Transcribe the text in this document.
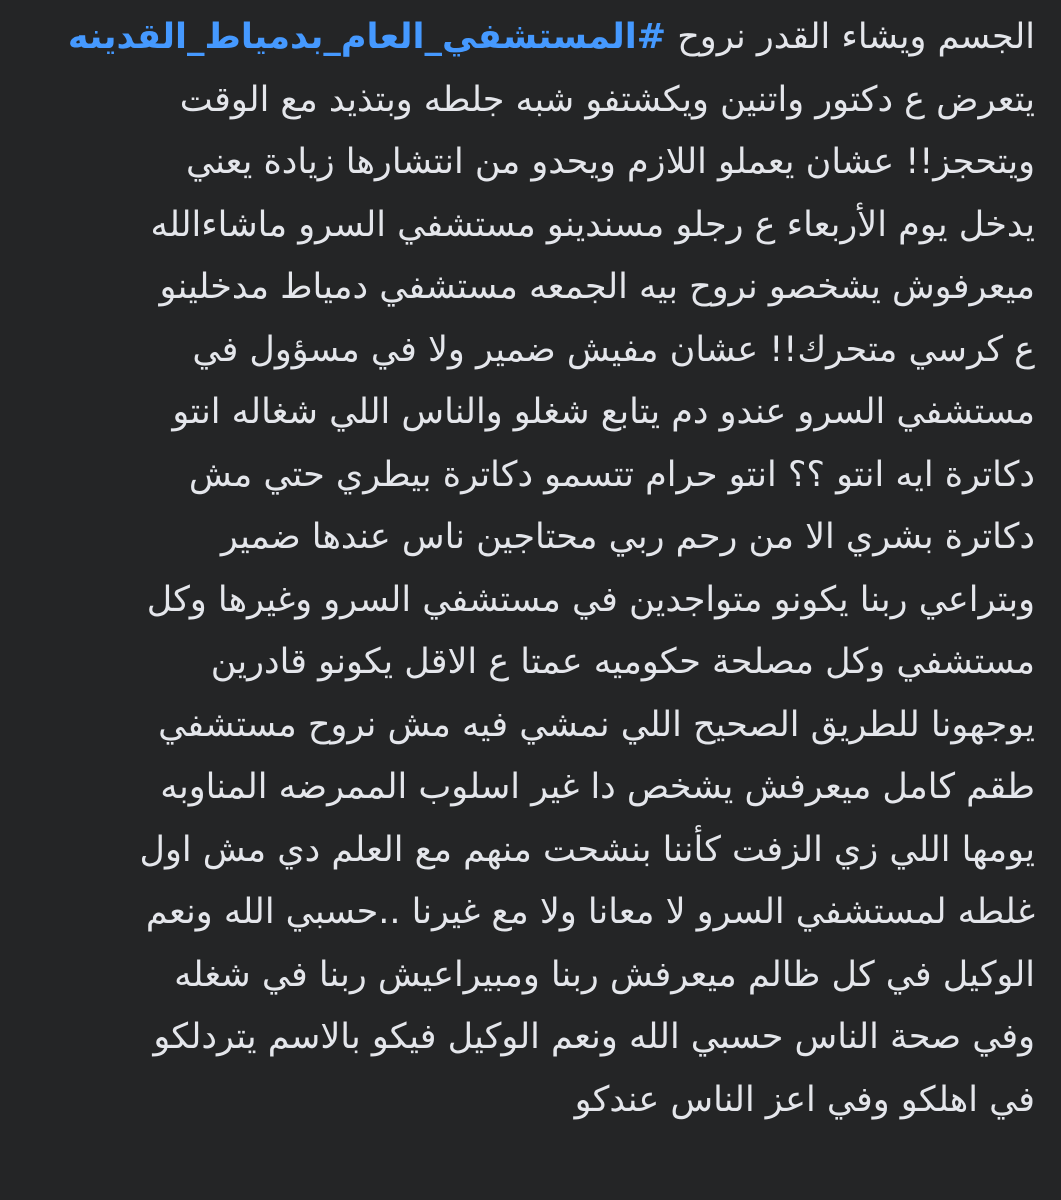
الجسم ويشاء القدر نروح #المستشفي_العام_بدمياط_القدينه
يتعرض ع دكتور واتنين ويكشتفو شبه جلطه وبتذيد مع الوقت
ويتحجز!! عشان يعملو اللازم ويحدو من انتشارها زيادة يعني
يدخل يوم الأربعاء ع رجلو مسندينو مستشفي السرو ماشاءالله
ميعرفوش يشخصو نروح بيه الجمعه مستشفي دمياط مدخلينو
ع كرسي متحرك!! عشان مفيش ضمير ولا في مسؤول في
مستشفي السرو عندو دم يتابع شغلو والناس اللي شغاله انتو
دكاترة ايه انتو ؟؟ انتو حرام تتسمو دكاترة بيطري حتي مش
دكاترة بشري الا من رحم ربي محتاجين ناس عندها ضمير
وبتراعي ربنا يكونو متواجدين في مستشفي السرو وغيرها وكل
مستشفي وكل مصلحة حكوميه عمتا ع الاقل يكونو قادرين
يوجهونا للطريق الصحيح اللي نمشي فيه مش نروح مستشفي
طقم كامل ميعرفش يشخص دا غير اسلوب الممرضه المناوبه
يومها اللي زي الزفت كأننا بنشحت منهم مع العلم دي مش اول
غلطه لمستشفي السرو لا معانا ولا مع غيرنا ..حسبي الله ونعم
الوكيل في كل ظالم ميعرفش ربنا ومبيراعيش ربنا في شغله
وفي صحة الناس حسبي الله ونعم الوكيل فيكو بالاسم يتردلكو
في اهلكو وفي اعز الناس عندكو
